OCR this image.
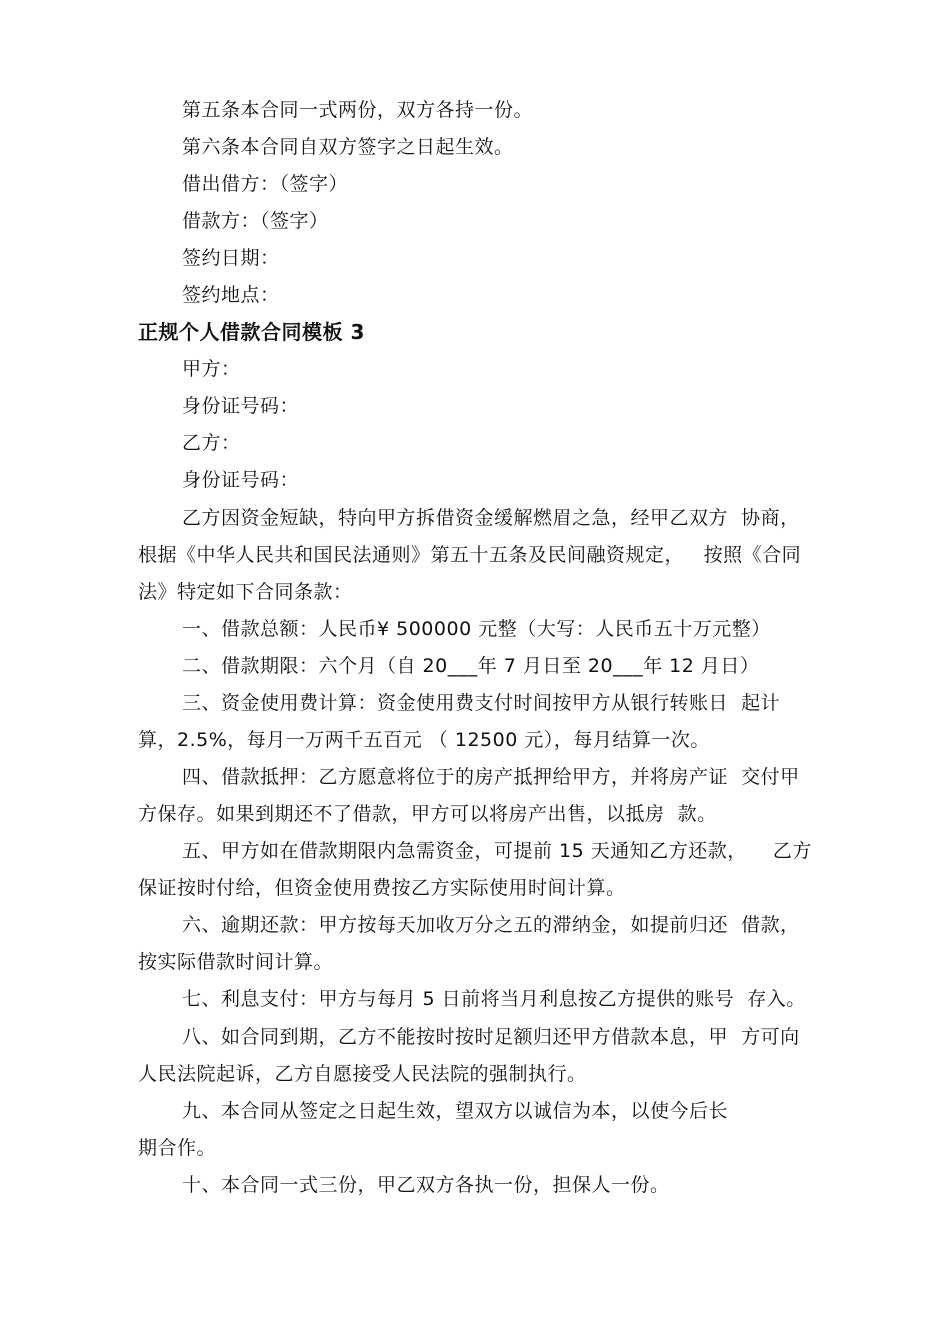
第五条本合同一式两份，双方各持一份。
第六条本合同自双方签字之日起生效。
借出借方：（签字）
借款方：（签字）
签约日期：
签约地点：
正规个人借款合同模板 3
甲方：
身份证号码：
乙方：
身份证号码：
乙方因资金短缺，特向甲方拆借资金缓解燃眉之急，经甲乙双方  协商，
根据《中华人民共和国民法通则》第五十五条及民间融资规定，   按照《合同
法》特定如下合同条款：
一、借款总额：人民币¥ 500000 元整（大写：人民币五十万元整）
二、借款期限：六个月（自 20___年 7 月日至 20___年 12 月日）
三、资金使用费计算：资金使用费支付时间按甲方从银行转账日  起计
算，2.5%，每月一万两千五百元 （ 12500 元），每月结算一次。
四、借款抵押：乙方愿意将位于的房产抵押给甲方，并将房产证  交付甲
方保存。如果到期还不了借款，甲方可以将房产出售，以抵房  款。
五、甲方如在借款期限内急需资金，可提前 15 天通知乙方还款，    乙方
保证按时付给，但资金使用费按乙方实际使用时间计算。
六、逾期还款：甲方按每天加收万分之五的滞纳金，如提前归还  借款，
按实际借款时间计算。
七、利息支付：甲方与每月 5 日前将当月利息按乙方提供的账号  存入。
八、如合同到期，乙方不能按时按时足额归还甲方借款本息，甲  方可向
人民法院起诉，乙方自愿接受人民法院的强制执行。
九、本合同从签定之日起生效，望双方以诚信为本，以使今后长
期合作。
十、本合同一式三份，甲乙双方各执一份，担保人一份。
